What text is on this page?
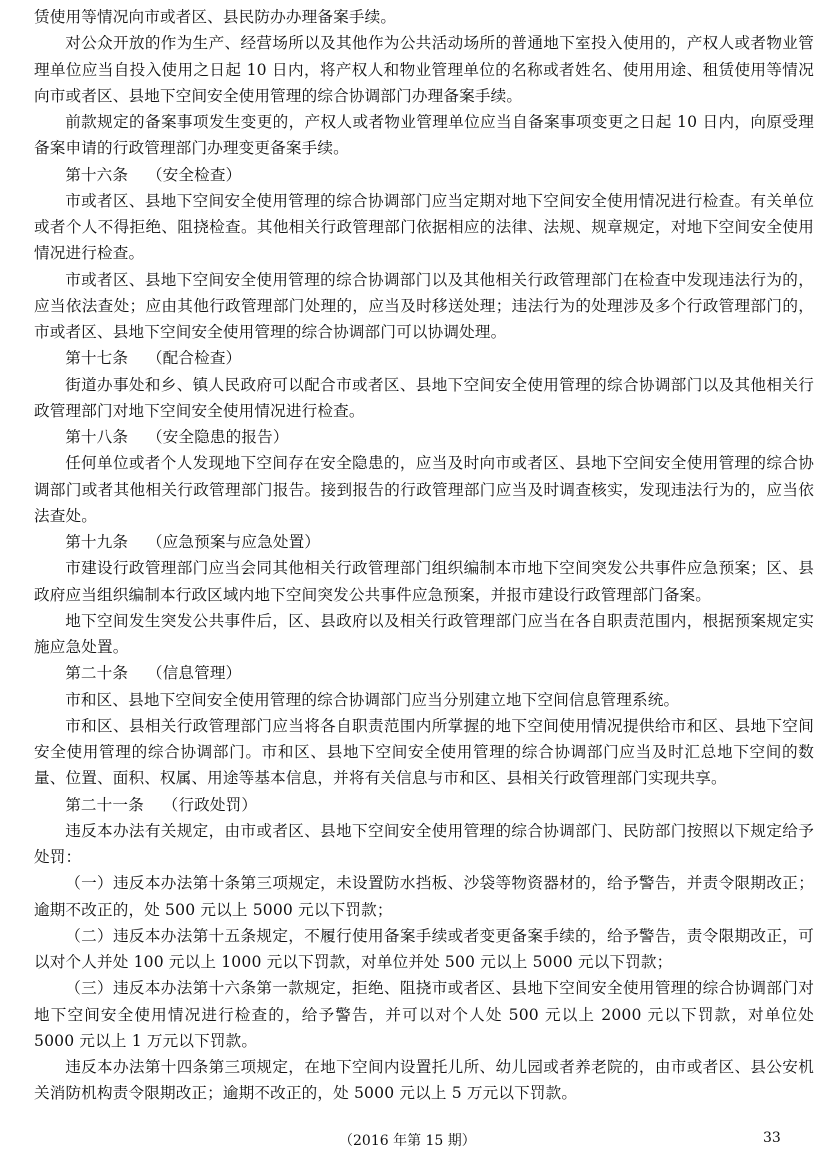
赁使用等情况向市或者区、县民防办办理备案手续。

对公众开放的作为生产、经营场所以及其他作为公共活动场所的普通地下室投入使用的，产权人或者物业管理单位应当自投入使用之日起 10 日内，将产权人和物业管理单位的名称或者姓名、使用用途、租赁使用等情况向市或者区、县地下空间安全使用管理的综合协调部门办理备案手续。

前款规定的备案事项发生变更的，产权人或者物业管理单位应当自备案事项变更之日起 10 日内，向原受理备案申请的行政管理部门办理变更备案手续。

第十六条 （安全检查）

市或者区、县地下空间安全使用管理的综合协调部门应当定期对地下空间安全使用情况进行检查。有关单位或者个人不得拒绝、阻挠检查。其他相关行政管理部门依据相应的法律、法规、规章规定，对地下空间安全使用情况进行检查。

市或者区、县地下空间安全使用管理的综合协调部门以及其他相关行政管理部门在检查中发现违法行为的，应当依法查处；应由其他行政管理部门处理的，应当及时移送处理；违法行为的处理涉及多个行政管理部门的，市或者区、县地下空间安全使用管理的综合协调部门可以协调处理。

第十七条 （配合检查）

街道办事处和乡、镇人民政府可以配合市或者区、县地下空间安全使用管理的综合协调部门以及其他相关行政管理部门对地下空间安全使用情况进行检查。

第十八条 （安全隐患的报告）

任何单位或者个人发现地下空间存在安全隐患的，应当及时向市或者区、县地下空间安全使用管理的综合协调部门或者其他相关行政管理部门报告。接到报告的行政管理部门应当及时调查核实，发现违法行为的，应当依法查处。

第十九条 （应急预案与应急处置）

市建设行政管理部门应当会同其他相关行政管理部门组织编制本市地下空间突发公共事件应急预案；区、县政府应当组织编制本行政区域内地下空间突发公共事件应急预案，并报市建设行政管理部门备案。

地下空间发生突发公共事件后，区、县政府以及相关行政管理部门应当在各自职责范围内，根据预案规定实施应急处置。

第二十条 （信息管理）

市和区、县地下空间安全使用管理的综合协调部门应当分别建立地下空间信息管理系统。

市和区、县相关行政管理部门应当将各自职责范围内所掌握的地下空间使用情况提供给市和区、县地下空间安全使用管理的综合协调部门。市和区、县地下空间安全使用管理的综合协调部门应当及时汇总地下空间的数量、位置、面积、权属、用途等基本信息，并将有关信息与市和区、县相关行政管理部门实现共享。

第二十一条 （行政处罚）

违反本办法有关规定，由市或者区、县地下空间安全使用管理的综合协调部门、民防部门按照以下规定给予处罚：

（一）违反本办法第十条第三项规定，未设置防水挡板、沙袋等物资器材的，给予警告，并责令限期改正；逾期不改正的，处 500 元以上 5000 元以下罚款；

（二）违反本办法第十五条规定，不履行使用备案手续或者变更备案手续的，给予警告，责令限期改正，可以对个人并处 100 元以上 1000 元以下罚款，对单位并处 500 元以上 5000 元以下罚款；

（三）违反本办法第十六条第一款规定，拒绝、阻挠市或者区、县地下空间安全使用管理的综合协调部门对地下空间安全使用情况进行检查的，给予警告，并可以对个人处 500 元以上 2000 元以下罚款，对单位处 5000 元以上 1 万元以下罚款。

违反本办法第十四条第三项规定，在地下空间内设置托儿所、幼儿园或者养老院的，由市或者区、县公安机关消防机构责令限期改正；逾期不改正的，处 5000 元以上 5 万元以下罚款。

（2016 年第 15 期）	33
